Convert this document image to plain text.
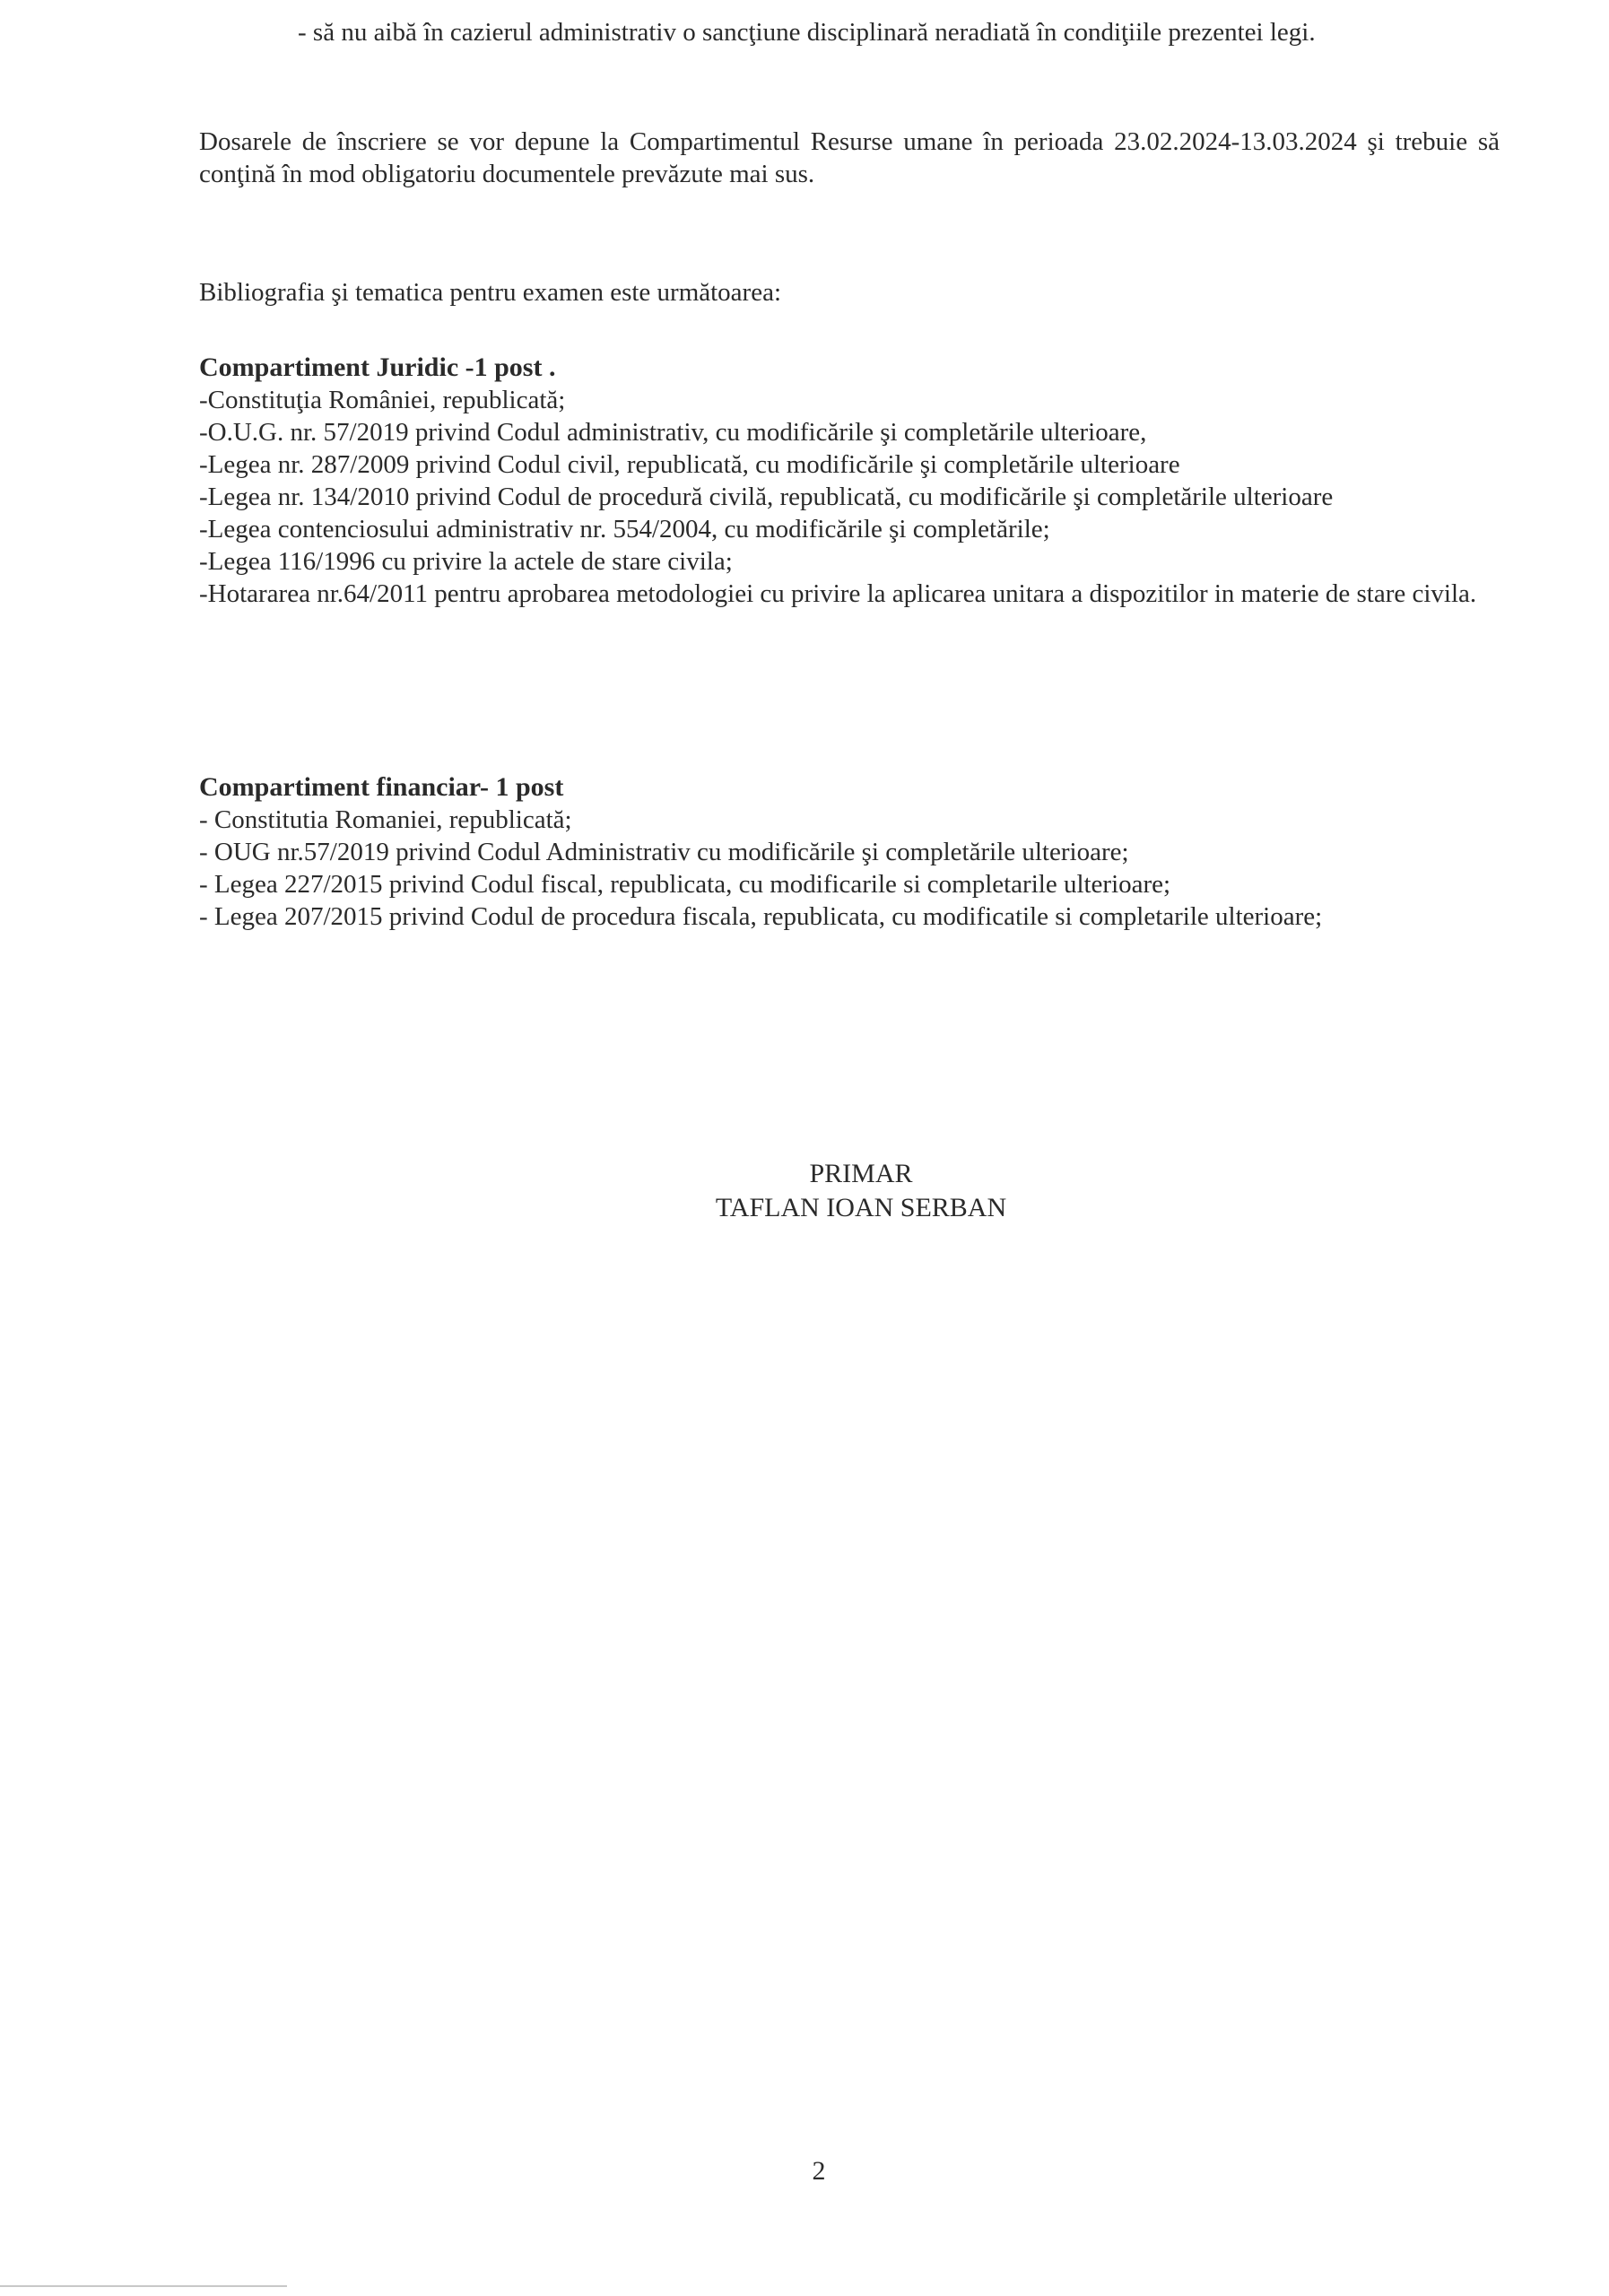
- să nu aibă în cazierul administrativ o sancţiune disciplinară neradiată în condiţiile prezentei legi.

Dosarele de înscriere se vor depune la Compartimentul Resurse umane în perioada 23.02.2024-13.03.2024 şi trebuie să conţină în mod obligatoriu documentele prevăzute mai sus.

Bibliografia şi tematica pentru examen este următoarea:

Compartiment Juridic -1 post .
-Constituţia României, republicată;
-O.U.G. nr. 57/2019 privind Codul administrativ, cu modificările şi completările ulterioare,
-Legea nr. 287/2009 privind Codul civil, republicată, cu modificările şi completările ulterioare
-Legea nr. 134/2010 privind Codul de procedură civilă, republicată, cu modificările şi completările ulterioare
-Legea contenciosului administrativ nr. 554/2004, cu modificările şi completările;
-Legea 116/1996 cu privire la actele de stare civila;
-Hotararea nr.64/2011 pentru aprobarea metodologiei cu privire la aplicarea unitara a dispozitilor in materie de stare civila.
Compartiment financiar- 1 post
- Constitutia Romaniei, republicată;
- OUG nr.57/2019 privind Codul Administrativ cu modificările şi completările ulterioare;
- Legea 227/2015 privind Codul fiscal, republicata, cu modificarile si completarile ulterioare;
- Legea 207/2015 privind Codul de procedura fiscala, republicata, cu modificatile si completarile ulterioare;
PRIMAR
TAFLAN IOAN SERBAN
2
